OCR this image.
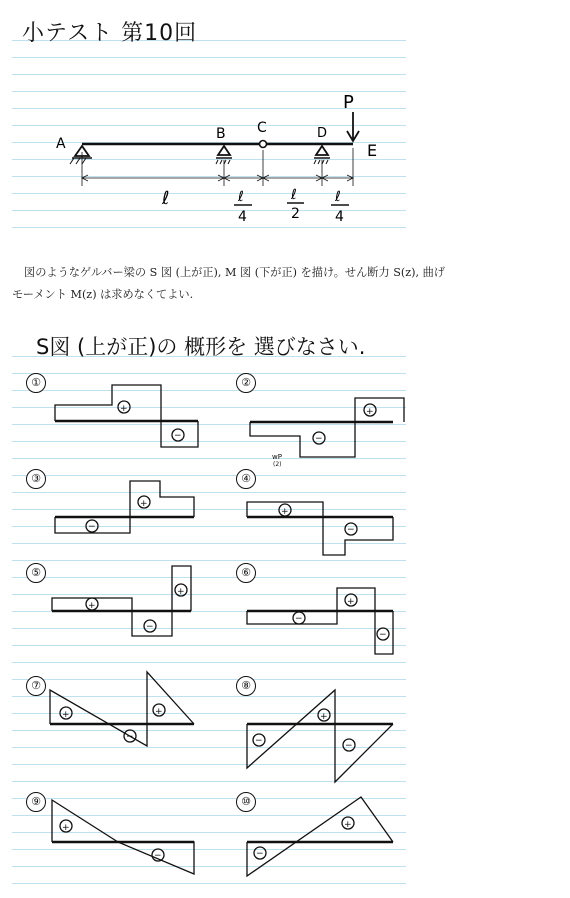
小テスト 第10回
A
B C	D
E
P
ℓ	ℓ
4
ℓ
2
ℓ
4

図のようなゲルバー梁の S 図 (上が正), M 図 (下が正) を描け。せん断力 S(z), 曲げ

モーメント M(z) は求めなくてよい.

S図 (上が正)の 概形を 選びなさい.
①	②
③	④
⑤	⑥
⑦	⑧
⑨	⑩
+
−
+
−
wP
(2)
+
−
+
−
+
−
+
−
+
−
+
−
+
−
+
−
+
−	−
+
